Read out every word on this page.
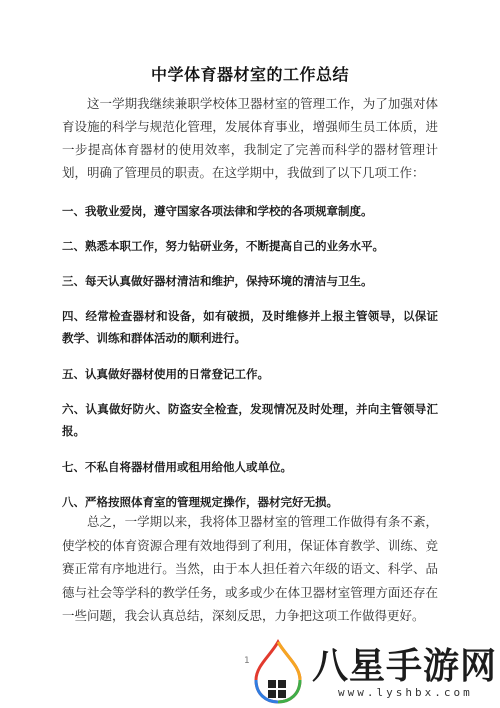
中学体育器材室的工作总结
这一学期我继续兼职学校体卫器材室的管理工作，为了加强对体育设施的科学与规范化管理，发展体育事业，增强师生员工体质，进一步提高体育器材的使用效率，我制定了完善而科学的器材管理计划，明确了管理员的职责。在这学期中，我做到了以下几项工作：
一、我敬业爱岗，遵守国家各项法律和学校的各项规章制度。
二、熟悉本职工作，努力钻研业务，不断提高自己的业务水平。
三、每天认真做好器材清洁和维护，保持环境的清洁与卫生。
四、经常检查器材和设备，如有破损，及时维修并上报主管领导，以保证教学、训练和群体活动的顺利进行。
五、认真做好器材使用的日常登记工作。
六、认真做好防火、防盗安全检查，发现情况及时处理，并向主管领导汇报。
七、不私自将器材借用或租用给他人或单位。
八、严格按照体育室的管理规定操作，器材完好无损。
总之，一学期以来，我将体卫器材室的管理工作做得有条不紊，使学校的体育资源合理有效地得到了利用，保证体育教学、训练、竞赛正常有序地进行。当然，由于本人担任着六年级的语文、科学、品德与社会等学科的教学任务，或多或少在体卫器材室管理方面还存在一些问题，我会认真总结，深刻反思，力争把这项工作做得更好。
1 八星手游网
www.lyshbx.com
